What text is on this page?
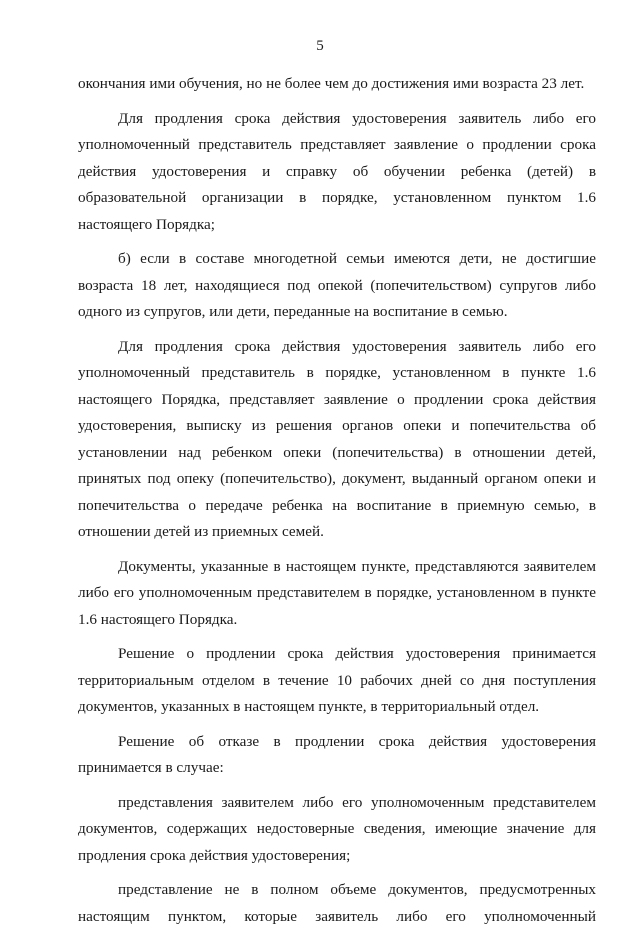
5

окончания ими обучения, но не более чем до достижения ими возраста 23 лет.

Для продления срока действия удостоверения заявитель либо его уполномоченный представитель представляет заявление о продлении срока действия удостоверения и справку об обучении ребенка (детей) в образовательной организации в порядке, установленном пунктом 1.6 настоящего Порядка;

б) если в составе многодетной семьи имеются дети, не достигшие возраста 18 лет, находящиеся под опекой (попечительством) супругов либо одного из супругов, или дети, переданные на воспитание в семью.

Для продления срока действия удостоверения заявитель либо его уполномоченный представитель в порядке, установленном в пункте 1.6 настоящего Порядка, представляет заявление о продлении срока действия удостоверения, выписку из решения органов опеки и попечительства об установлении над ребенком опеки (попечительства) в отношении детей, принятых под опеку (попечительство), документ, выданный органом опеки и попечительства о передаче ребенка на воспитание в приемную семью, в отношении детей из приемных семей.

Документы, указанные в настоящем пункте, представляются заявителем либо его уполномоченным представителем в порядке, установленном в пункте 1.6 настоящего Порядка.

Решение о продлении срока действия удостоверения принимается территориальным отделом в течение 10 рабочих дней со дня поступления документов, указанных в настоящем пункте, в территориальный отдел.

Решение об отказе в продлении срока действия удостоверения принимается в случае:

представления заявителем либо его уполномоченным представителем документов, содержащих недостоверные сведения, имеющие значение для продления срока действия удостоверения;

представление не в полном объеме документов, предусмотренных настоящим пунктом, которые заявитель либо его уполномоченный
